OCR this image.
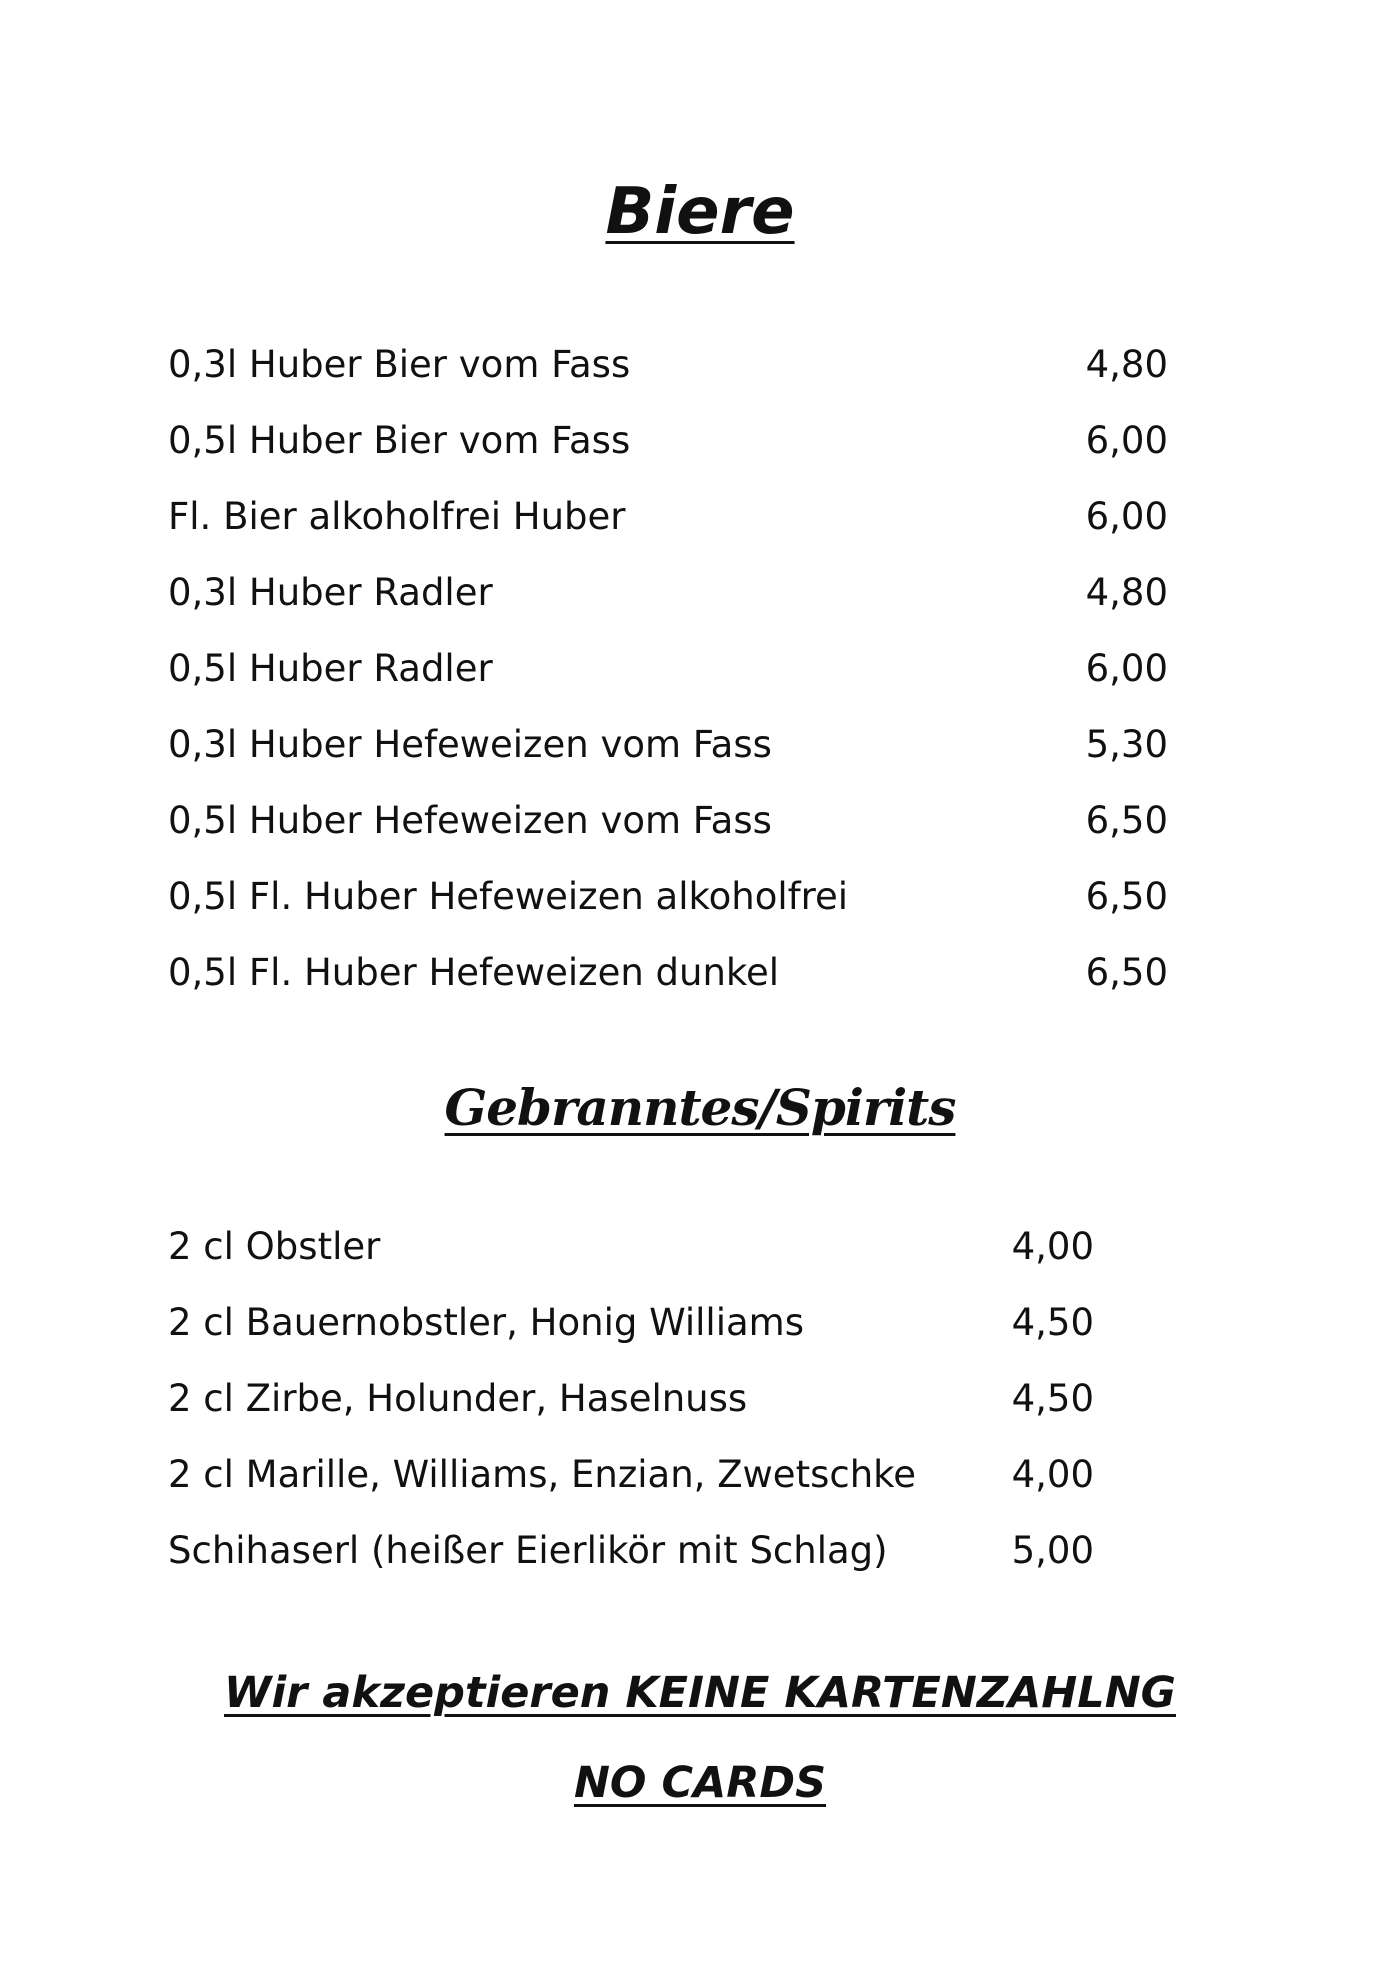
Biere
0,3l Huber Bier vom Fass	4,80
0,5l Huber Bier vom Fass	6,00
Fl. Bier alkoholfrei Huber	6,00
0,3l Huber Radler	4,80
0,5l Huber Radler	6,00
0,3l Huber Hefeweizen vom Fass	5,30
0,5l Huber Hefeweizen vom Fass	6,50
0,5l Fl. Huber Hefeweizen alkoholfrei	6,50
0,5l Fl. Huber Hefeweizen dunkel	6,50
Gebranntes/Spirits
2 cl Obstler	4,00
2 cl Bauernobstler, Honig Williams	4,50
2 cl Zirbe, Holunder, Haselnuss	4,50
2 cl Marille, Williams, Enzian, Zwetschke	4,00
Schihaserl (heißer Eierlikör mit Schlag)	5,00

Wir akzeptieren KEINE KARTENZAHLNG

NO CARDS
